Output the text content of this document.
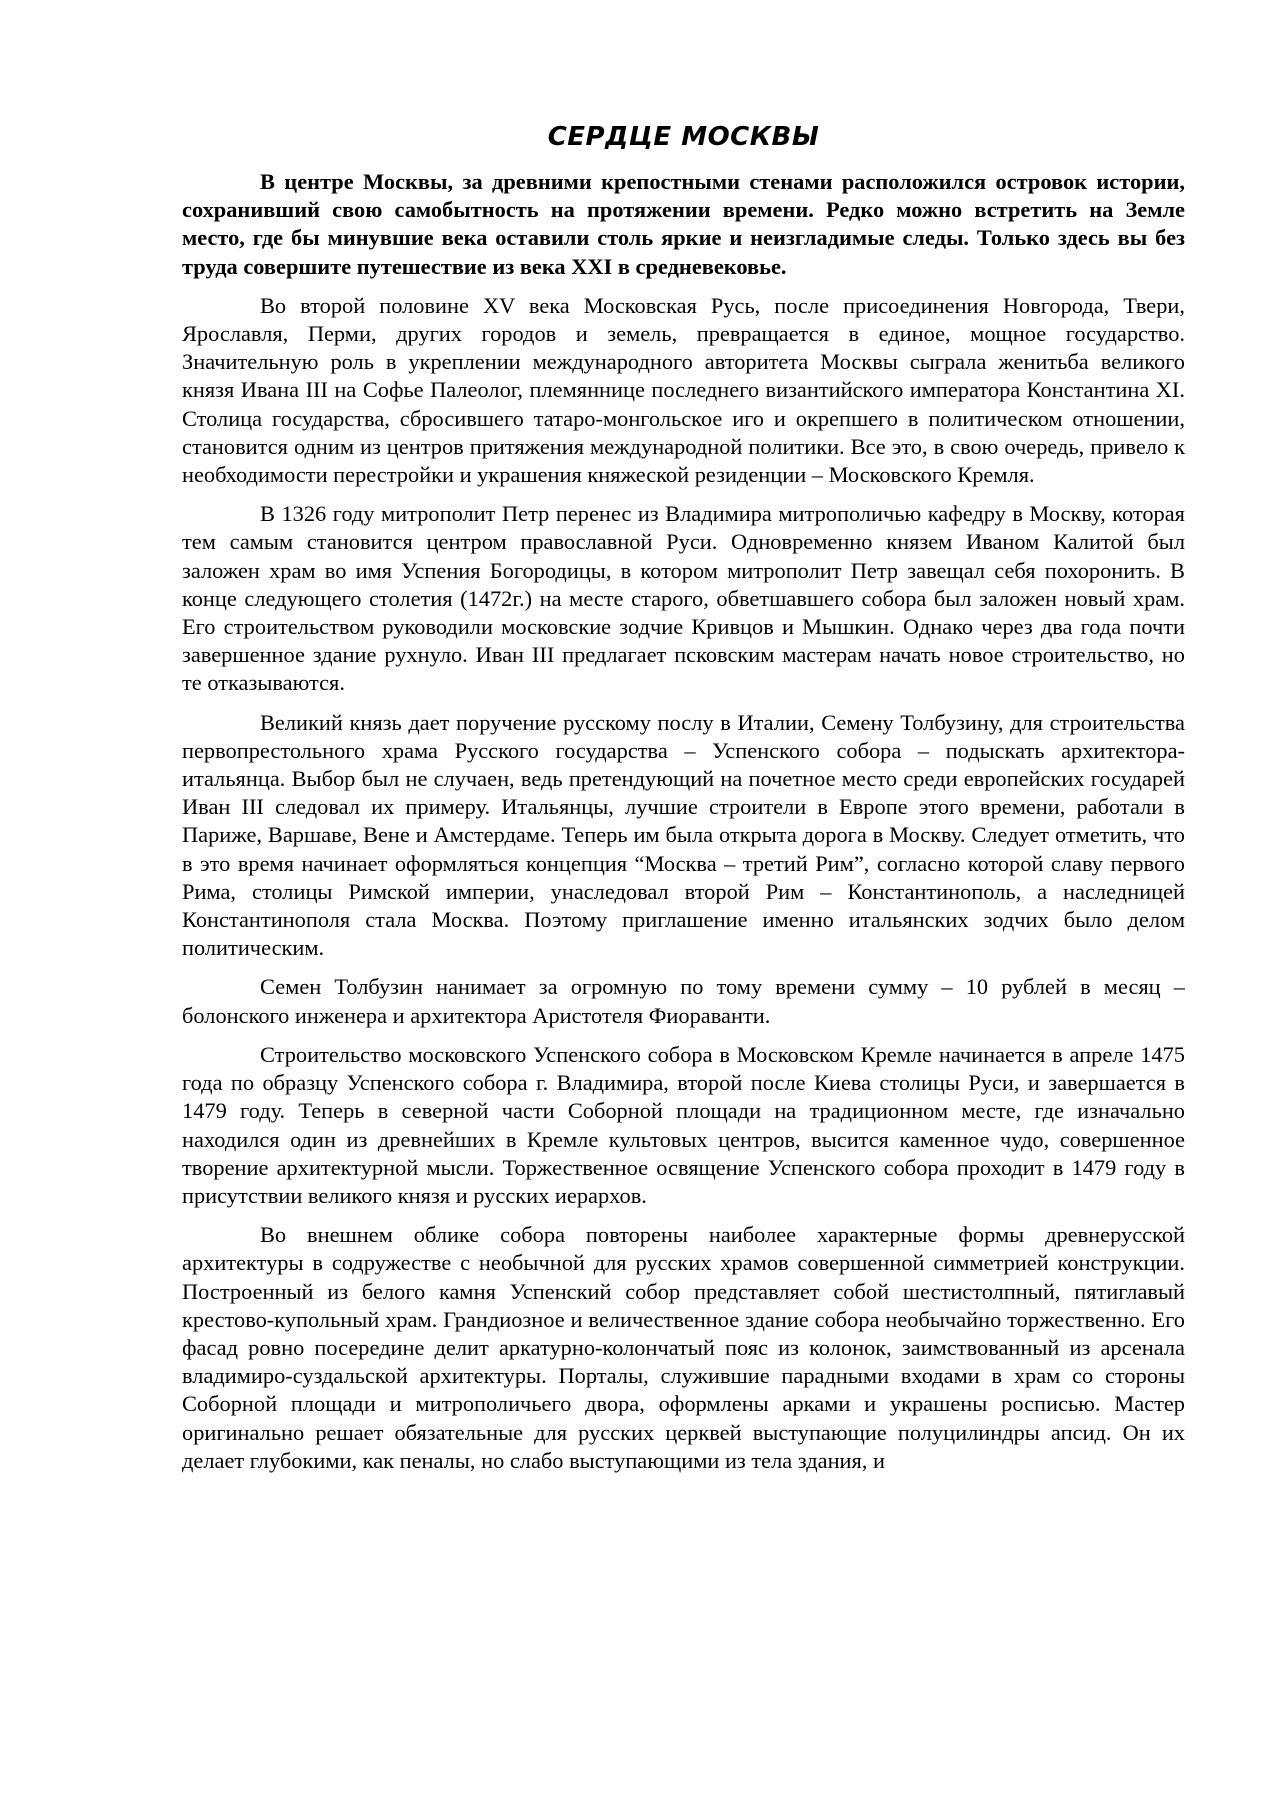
СЕРДЦЕ МОСКВЫ

В центре Москвы, за древними крепостными стенами расположился островок истории, сохранивший свою самобытность на протяжении времени. Редко можно встретить на Земле место, где бы минувшие века оставили столь яркие и неизгладимые следы. Только здесь вы без труда совершите путешествие из века XXI в средневековье.

Во второй половине XV века Московская Русь, после присоединения Новгорода, Твери, Ярославля, Перми, других городов и земель, превращается в единое, мощное государство. Значительную роль в укреплении международного авторитета Москвы сыграла женитьба великого князя Ивана III на Софье Палеолог, племяннице последнего византийского императора Константина XI. Столица государства, сбросившего татаро-монгольское иго и окрепшего в политическом отношении, становится одним из центров притяжения международной политики. Все это, в свою очередь, привело к необходимости перестройки и украшения княжеской резиденции – Московского Кремля.

В 1326 году митрополит Петр перенес из Владимира митрополичью кафедру в Москву, которая тем самым становится центром православной Руси. Одновременно князем Иваном Калитой был заложен храм во имя Успения Богородицы, в котором митрополит Петр завещал себя похоронить. В конце следующего столетия (1472г.) на месте старого, обветшавшего собора был заложен новый храм. Его строительством руководили московские зодчие Кривцов и Мышкин. Однако через два года почти завершенное здание рухнуло. Иван III предлагает псковским мастерам начать новое строительство, но те отказываются.

Великий князь дает поручение русскому послу в Италии, Семену Толбузину, для строительства первопрестольного храма Русского государства – Успенского собора – подыскать архитектора-итальянца. Выбор был не случаен, ведь претендующий на почетное место среди европейских государей Иван III следовал их примеру. Итальянцы, лучшие строители в Европе этого времени, работали в Париже, Варшаве, Вене и Амстердаме. Теперь им была открыта дорога в Москву. Следует отметить, что в это время начинает оформляться концепция “Москва – третий Рим”, согласно которой славу первого Рима, столицы Римской империи, унаследовал второй Рим – Константинополь, а наследницей Константинополя стала Москва. Поэтому приглашение именно итальянских зодчих было делом политическим.

Семен Толбузин нанимает за огромную по тому времени сумму – 10 рублей в месяц – болонского инженера и архитектора Аристотеля Фиораванти.

Строительство московского Успенского собора в Московском Кремле начинается в апреле 1475 года по образцу Успенского собора г. Владимира, второй после Киева столицы Руси, и завершается в 1479 году. Теперь в северной части Соборной площади на традиционном месте, где изначально находился один из древнейших в Кремле культовых центров, высится каменное чудо, совершенное творение архитектурной мысли. Торжественное освящение Успенского собора проходит в 1479 году в присутствии великого князя и русских иерархов.

Во внешнем облике собора повторены наиболее характерные формы древнерусской архитектуры в содружестве с необычной для русских храмов совершенной симметрией конструкции. Построенный из белого камня Успенский собор представляет собой шестистолпный, пятиглавый крестово-купольный храм. Грандиозное и величественное здание собора необычайно торжественно. Его фасад ровно посередине делит аркатурно-колончатый пояс из колонок, заимствованный из арсенала владимиро-суздальской архитектуры. Порталы, служившие парадными входами в храм со стороны Соборной площади и митрополичьего двора, оформлены арками и украшены росписью. Мастер оригинально решает обязательные для русских церквей выступающие полуцилиндры апсид. Он их делает глубокими, как пеналы, но слабо выступающими из тела здания, и
